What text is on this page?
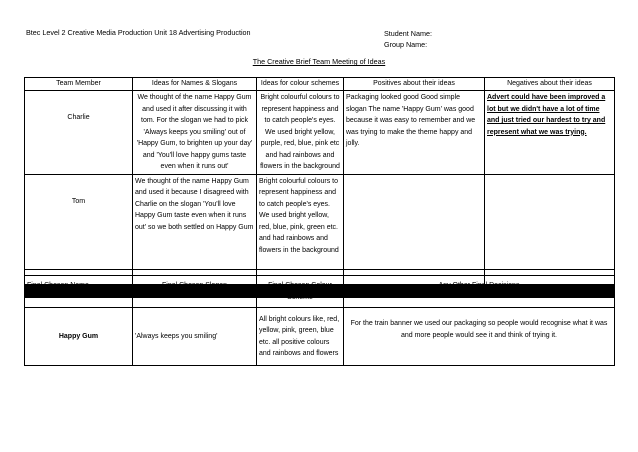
Btec Level 2 Creative Media Production Unit 18 Advertising Production	Student Name:
Group Name:
The Creative Brief Team Meeting of Ideas
Team Member	Ideas for Names & Slogans	Ideas for colour schemes	Positives about their ideas	Negatives about their ideas
Charlie	We thought of the name Happy Gum and used it after discussing it with tom. For the slogan we had to pick 'Always keeps you smiling' out of 'Happy Gum, to brighten up your day' and 'You'll love happy gums taste even when it runs out'	Bright colourful colours to represent happiness and to catch people's eyes. We used bright yellow, purple, red, blue, pink etc and had rainbows and flowers in the background	Packaging looked good Good simple slogan The name 'Happy Gum' was good because it was easy to remember and we was trying to make the theme happy and jolly.	Advert could have been improved a lot but we didn't have a lot of time and just tried our hardest to try and represent what we was trying.
Tom	We thought of the name Happy Gum and used it because I disagreed with Charlie on the slogan 'You'll love Happy Gum taste even when it runs out' so we both settled on Happy Gum	Bright colourful colours to represent happiness and to catch people's eyes. We used bright yellow, red, blue, pink, green etc. and had rainbows and flowers in the background		

Final Chosen Name	Final Chosen Slogan	Final Chosen Colour Scheme	Any Other Final Decisions
Happy Gum	'Always keeps you smiling'	All bright colours like, red, yellow, pink, green, blue etc. all positive colours and rainbows and flowers	For the train banner we used our packaging so people would recognise what it was and more people would see it and think of trying it.
